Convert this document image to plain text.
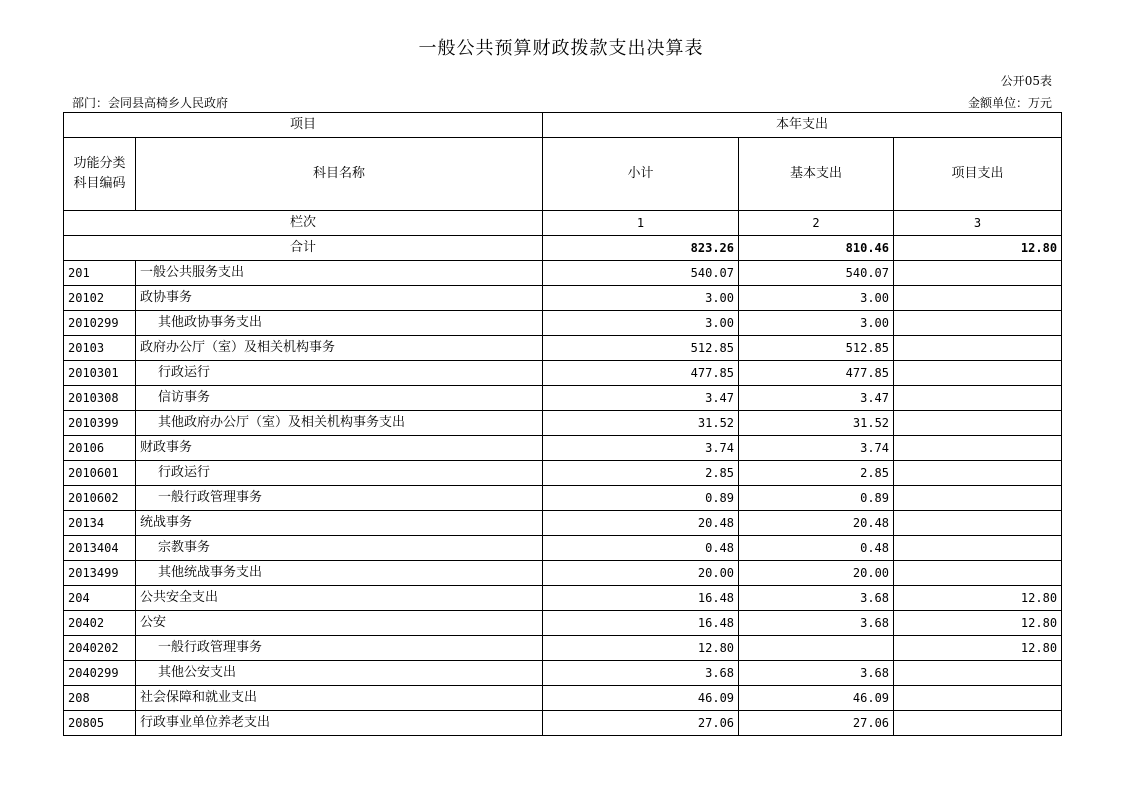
一般公共预算财政拨款支出决算表
公开05表
部门：会同县高椅乡人民政府	金额单位：万元
项目		本年支出		
功能分类科目编码	科目名称	小计	基本支出	项目支出
栏次		1	2	3
合计		823.26	810.46	12.80
201	一般公共服务支出	540.07	540.07	
20102	政协事务	3.00	3.00	
2010299	其他政协事务支出	3.00	3.00	
20103	政府办公厅（室）及相关机构事务	512.85	512.85	
2010301	行政运行	477.85	477.85	
2010308	信访事务	3.47	3.47	
2010399	其他政府办公厅（室）及相关机构事务支出	31.52	31.52	
20106	财政事务	3.74	3.74	
2010601	行政运行	2.85	2.85	
2010602	一般行政管理事务	0.89	0.89	
20134	统战事务	20.48	20.48	
2013404	宗教事务	0.48	0.48	
2013499	其他统战事务支出	20.00	20.00	
204	公共安全支出	16.48	3.68	12.80
20402	公安	16.48	3.68	12.80
2040202	一般行政管理事务	12.80		12.80
2040299	其他公安支出	3.68	3.68	
208	社会保障和就业支出	46.09	46.09	
20805	行政事业单位养老支出	27.06	27.06	
